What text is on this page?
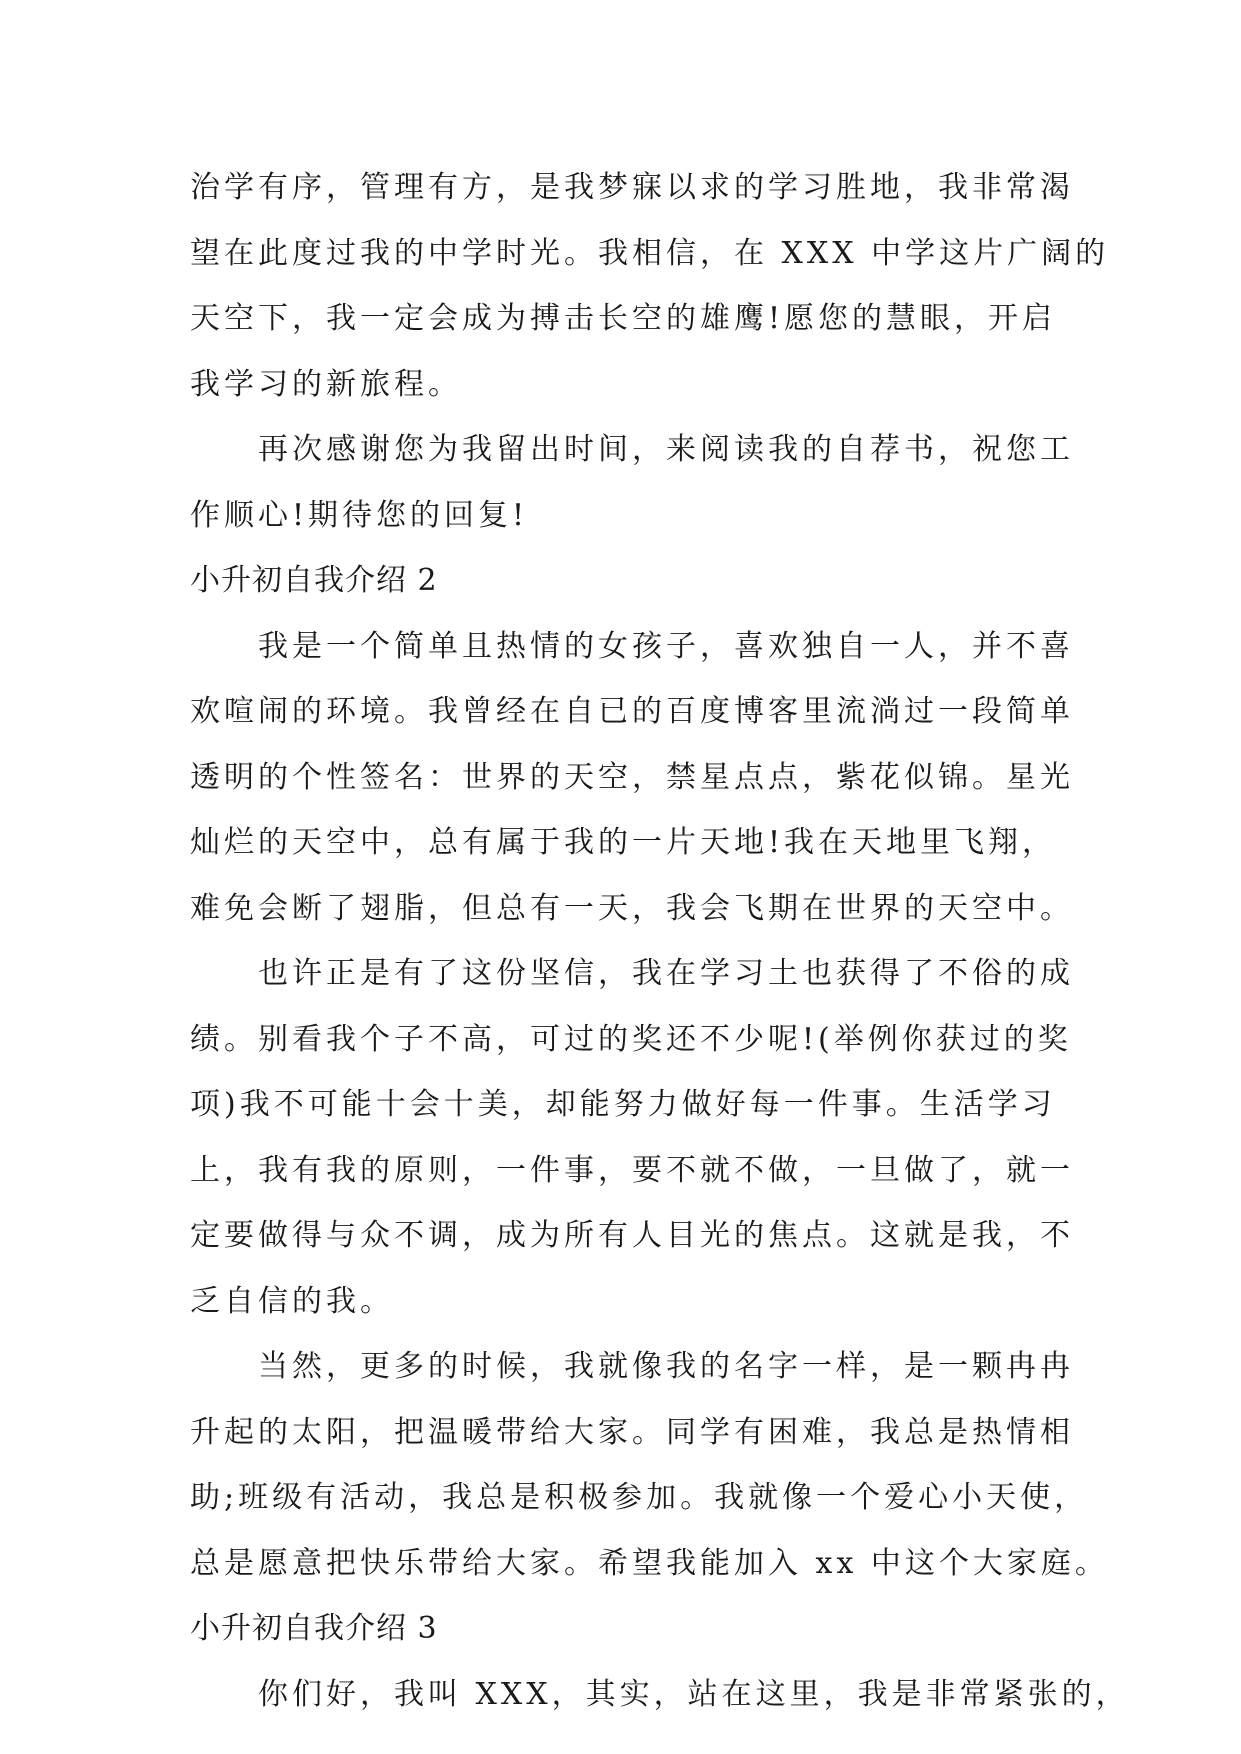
治学有序，管理有方，是我梦寐以求的学习胜地，我非常渴
望在此度过我的中学时光。我相信，在 XXX 中学这片广阔的
天空下，我一定会成为搏击长空的雄鹰!愿您的慧眼，开启
我学习的新旅程。
再次感谢您为我留出时间，来阅读我的自荐书，祝您工
作顺心!期待您的回复!
小升初自我介绍 2
我是一个简单且热情的女孩子，喜欢独自一人，并不喜
欢喧闹的环境。我曾经在自已的百度博客里流淌过一段简单
透明的个性签名：世界的天空，禁星点点，紫花似锦。星光
灿烂的天空中，总有属于我的一片天地!我在天地里飞翔，
难免会断了翅脂，但总有一天，我会飞期在世界的天空中。
也许正是有了这份坚信，我在学习土也获得了不俗的成
绩。别看我个子不高，可过的奖还不少呢!(举例你获过的奖
项)我不可能十会十美，却能努力做好每一件事。生活学习
上，我有我的原则，一件事，要不就不做，一旦做了，就一
定要做得与众不调，成为所有人目光的焦点。这就是我，不
乏自信的我。
当然，更多的时候，我就像我的名字一样，是一颗冉冉
升起的太阳，把温暖带给大家。同学有困难，我总是热情相
助;班级有活动，我总是积极参加。我就像一个爱心小天使，
总是愿意把快乐带给大家。希望我能加入 xx 中这个大家庭。
小升初自我介绍 3
你们好，我叫 XXX，其实，站在这里，我是非常紧张的，
